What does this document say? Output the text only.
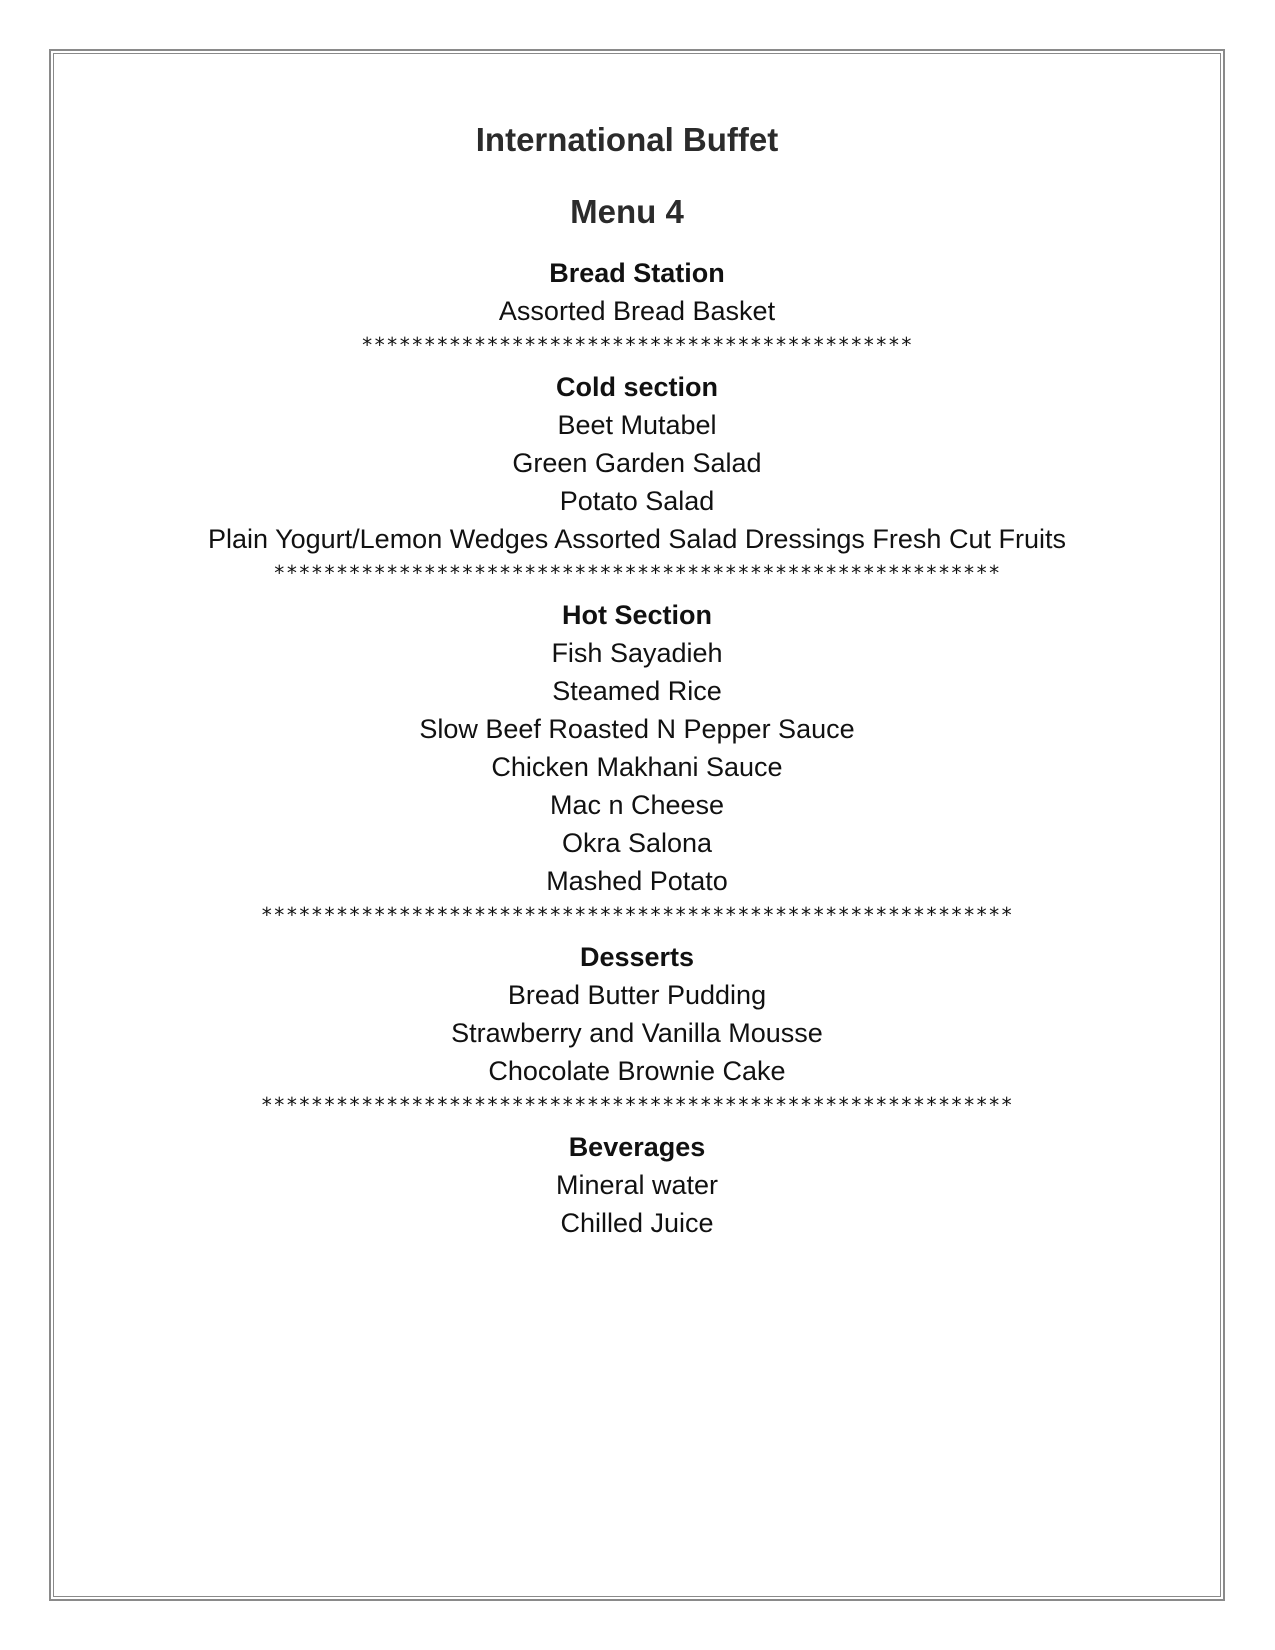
International Buffet
Menu 4
Bread Station
Assorted Bread Basket
********************************************
Cold section
Beet Mutabel
Green Garden Salad
Potato Salad
Plain Yogurt/Lemon Wedges Assorted Salad Dressings Fresh Cut Fruits
**********************************************************
Hot Section
Fish Sayadieh
Steamed Rice
Slow Beef Roasted N Pepper Sauce
Chicken Makhani Sauce
Mac n Cheese
Okra Salona
Mashed Potato
************************************************************
Desserts
Bread Butter Pudding
Strawberry and Vanilla Mousse
Chocolate Brownie Cake
************************************************************
Beverages
Mineral water
Chilled Juice
